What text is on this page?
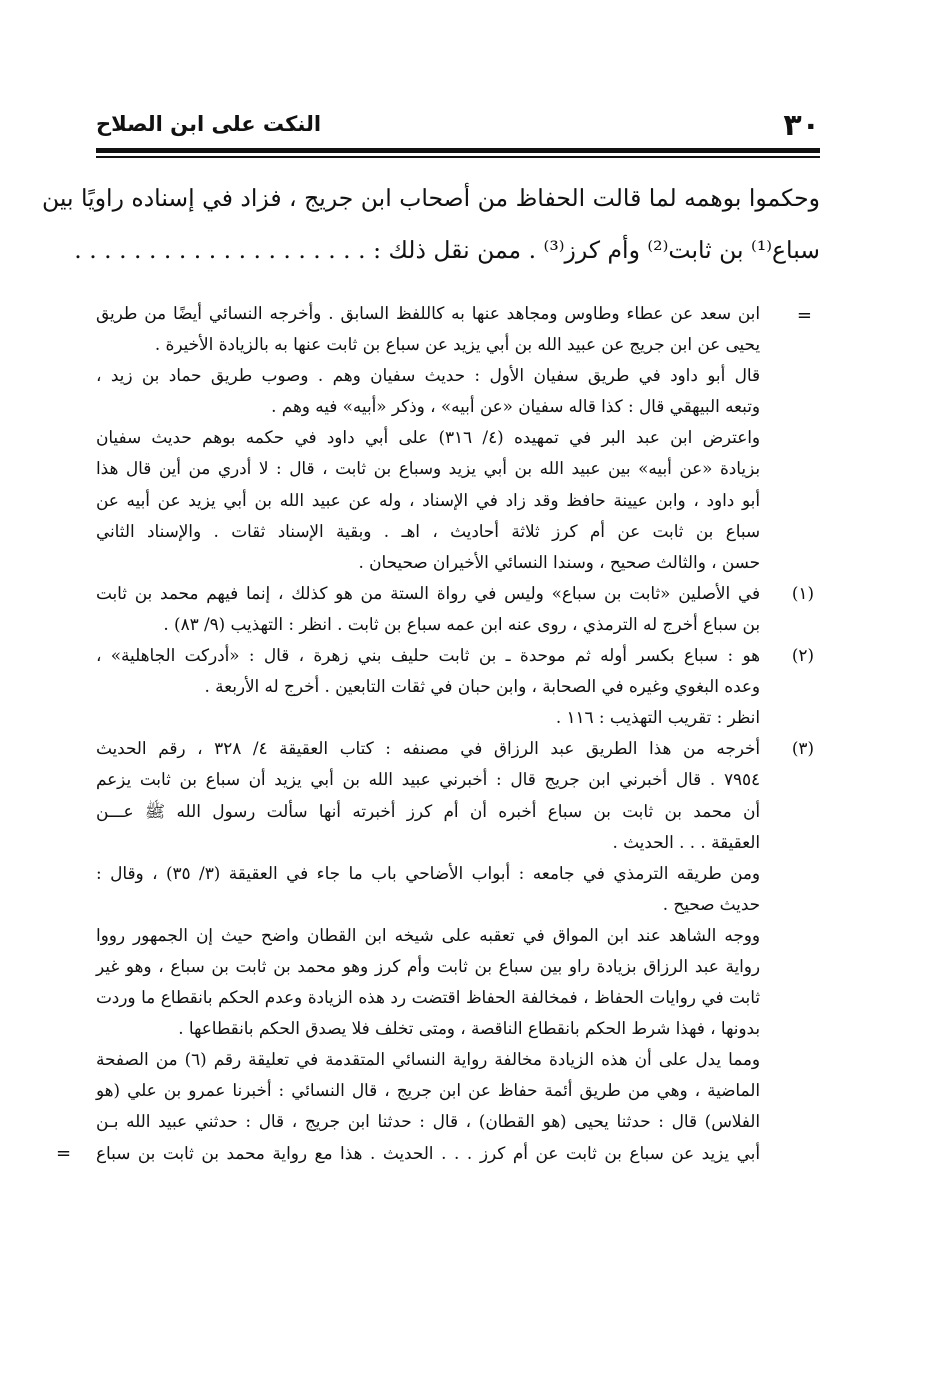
٣٠
النكت على ابن الصلاح
وحكموا بوهمه لما قالت الحفاظ من أصحاب ابن جريج ، فزاد في إسناده راويًا بين
سباع⁽¹⁾ بن ثابت⁽²⁾ وأم كرز⁽³⁾ . ممن نقل ذلك : . . . . . . . . . . . . . . . . . . . .
=
ابن سعد عن عطاء وطاوس ومجاهد عنها به كاللفظ السابق . وأخرجه النسائي أيضًا من طريق
يحيى عن ابن جريج عن عبيد الله بن أبي يزيد عن سباع بن ثابت عنها به بالزيادة الأخيرة .
قال أبو داود في طريق سفيان الأول : حديث سفيان وهم . وصوب طريق حماد بن زيد ،
وتبعه البيهقي قال : كذا قاله سفيان «عن أبيه» ، وذكر «أبيه» فيه وهم .
واعترض ابن عبد البر في تمهيده (٤/ ٣١٦) على أبي داود في حكمه بوهم حديث سفيان
بزيادة «عن أبيه» بين عبيد الله بن أبي يزيد وسباع بن ثابت ، قال : لا أدري من أين قال هذا
أبو داود ، وابن عيينة حافظ وقد زاد في الإسناد ، وله عن عبيد الله بن أبي يزيد عن أبيه عن
سباع بن ثابت عن أم كرز ثلاثة أحاديث ، اهـ . وبقية الإسناد ثقات . والإسناد الثاني
حسن ، والثالث صحيح ، وسندا النسائي الأخيران صحيحان .
(١)
في الأصلين «ثابت بن سباع» وليس في رواة الستة من هو كذلك ، إنما فيهم محمد بن ثابت
بن سباع أخرج له الترمذي ، روى عنه ابن عمه سباع بن ثابت . انظر : التهذيب (٩/ ٨٣) .
(٢)
هو : سباع بكسر أوله ثم موحدة ـ بن ثابت حليف بني زهرة ، قال : «أدركت الجاهلية» ،
وعده البغوي وغيره في الصحابة ، وابن حبان في ثقات التابعين . أخرج له الأربعة .
انظر : تقريب التهذيب : ١١٦ .
(٣)
أخرجه من هذا الطريق عبد الرزاق في مصنفه : كتاب العقيقة ٤/ ٣٢٨ ، رقم الحديث
٧٩٥٤ . قال أخبرني ابن جريج قال : أخبرني عبيد الله بن أبي يزيد أن سباع بن ثابت يزعم
أن محمد بن ثابت بن سباع أخبره أن أم كرز أخبرته أنها سألت رسول الله ﷺ عـــن
العقيقة . . . الحديث .
ومن طريقه الترمذي في جامعه : أبواب الأضاحي باب ما جاء في العقيقة (٣/ ٣٥) ، وقال :
حديث صحيح .
ووجه الشاهد عند ابن المواق في تعقبه على شيخه ابن القطان واضح حيث إن الجمهور رووا
رواية عبد الرزاق بزيادة راو بين سباع بن ثابت وأم كرز وهو محمد بن ثابت بن سباع ، وهو غير
ثابت في روايات الحفاظ ، فمخالفة الحفاظ اقتضت رد هذه الزيادة وعدم الحكم بانقطاع ما وردت
بدونها ، فهذا شرط الحكم بانقطاع الناقصة ، ومتى تخلف فلا يصدق الحكم بانقطاعها .
ومما يدل على أن هذه الزيادة مخالفة رواية النسائي المتقدمة في تعليقة رقم (٦) من الصفحة
الماضية ، وهي من طريق أئمة حفاظ عن ابن جريج ، قال النسائي : أخبرنا عمرو بن علي (هو
الفلاس) قال : حدثنا يحيى (هو القطان) ، قال : حدثنا ابن جريج ، قال : حدثني عبيد الله بـن
أبي يزيد عن سباع بن ثابت عن أم كرز . . . الحديث . هذا مع رواية محمد بن ثابت بن سباع
=
